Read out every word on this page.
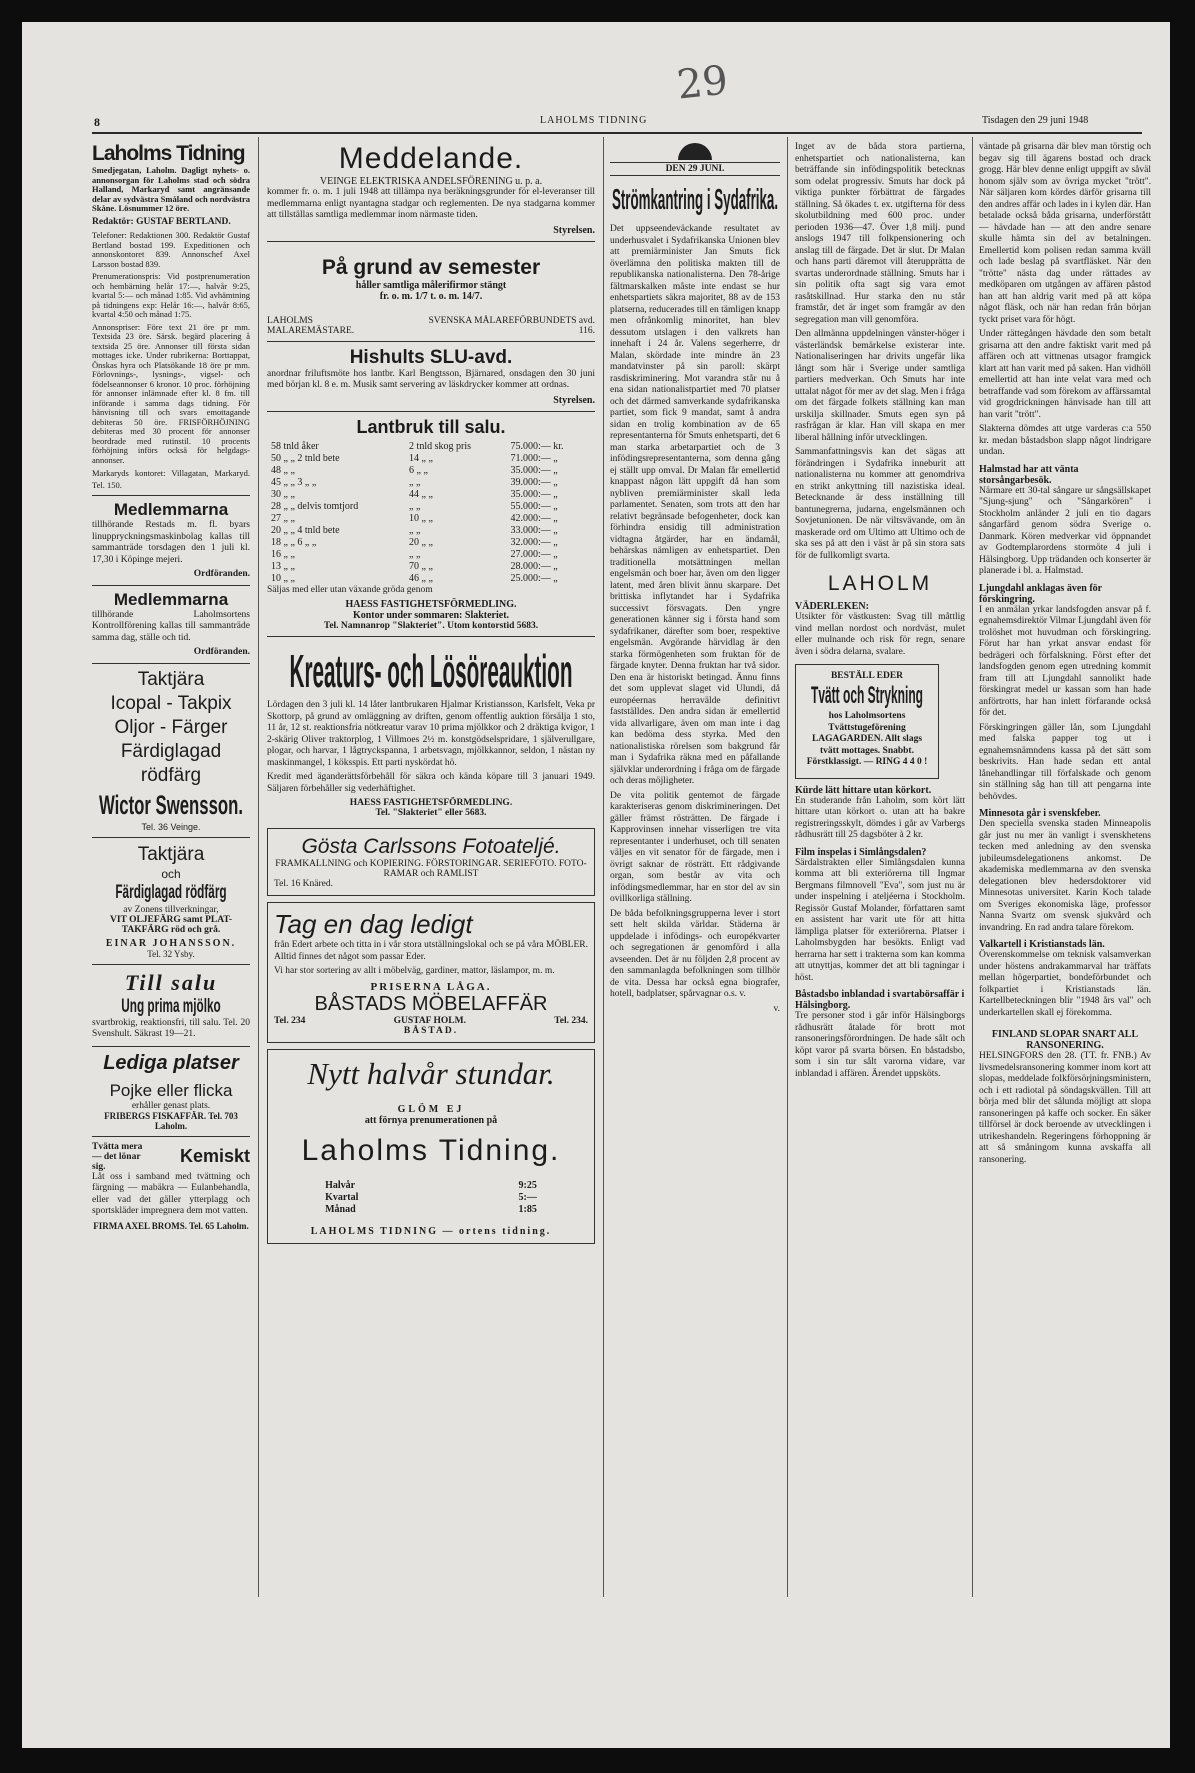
29
8	LAHOLMS TIDNING	Tisdagen den 29 juni 1948
Laholms Tidning

Smedjegatan, Laholm. Dagligt nyhets- o. annonsorgan för Laholms stad och södra Halland, Markaryd samt angränsande delar av sydvästra Småland och nordvästra Skåne. Lösnummer 12 öre.

Redaktör: GUSTAF BERTLAND.

Telefoner: Redaktionen 300. Redaktör Gustaf Bertland bostad 199. Expeditionen och annonskontoret 839. Annonschef Axel Larsson bostad 839.

Prenumerationspris: Vid postprenumeration och hembärning helår 17:—, halvår 9:25, kvartal 5:— och månad 1:85. Vid avhämtning på tidningens exp: Helår 16:—, halvår 8:65, kvartal 4:50 och månad 1:75.

Annonspriser: Före text 21 öre pr mm. Textsida 23 öre. Särsk. begärd placering å textsida 25 öre. Annonser till första sidan mottages icke. Under rubrikerna: Borttappat, Önskas hyra och Platsökande 18 öre pr mm. Förlovnings-, lysnings-, vigsel- och födelseannonser 6 kronor. 10 proc. förhöjning för annonser inlämnade efter kl. 8 fm. till införande i samma dags tidning. För hänvisning till och svars emottagande debiteras 50 öre. FRISFÖRHÖJNING debiteras med 30 procent för annonser beordrade med rutinstil. 10 procents förhöjning införs ocksä för helgdags-annonser.

Markaryds kontoret: Villagatan, Markaryd. Tel. 150.

Medlemmarna

tillhörande Restads m. fl. byars linuppryckningsmaskinbolag kallas till sammanträde torsdagen den 1 juli kl. 17,30 i Köpinge mejeri.

Ordföranden.

Medlemmarna

tillhörande Laholmsortens Kontrollförening kallas till sammanträde samma dag, ställe och tid.

Ordföranden.

Taktjära
Icopal - Takpix
Oljor - Färger
Färdiglagad
rödfärg
Wictor Swensson.
Tel. 36 Veinge.
Taktjära
och
Färdiglagad rödfärg
av Zonens tillverkningar,
VIT OLJEFÄRG samt PLAT-TAKFÄRG röd och grå.
EINAR JOHANSSON.
Tel. 32 Ysby.
Till salu
Ung prima mjölko

svartbrokig, reaktionsfri, till salu. Tel. 20 Svenshult. Säkrast 19—21.

Lediga platser
Pojke eller flicka
erhåller genast plats.
FRIBERGS FISKAFFÄR. Tel. 703 Laholm.
Tvätta mera — det lönar sig.
Kemiskt

Låt oss i samband med tvättning och färgning — mabäkra — Eulanbehandla, eller vad det gäller ytterplagg och sportskläder impregnera dem mot vatten.

FIRMA AXEL BROMS. Tel. 65 Laholm.
Meddelande.
VEINGE ELEKTRISKA ANDELSFÖRENING u. p. a.

kommer fr. o. m. 1 juli 1948 att tillämpa nya beräkningsgrunder för el-leveranser till medlemmarna enligt nyantagna stadgar och reglementen. De nya stadgarna kommer att tillställas samtliga medlemmar inom närmaste tiden.

Styrelsen.
På grund av semester
håller samtliga målerifirmor stängt
fr. o. m. 1/7 t. o. m. 14/7.
LAHOLMS MALAREMÄSTARE.
SVENSKA MÅLAREFÖRBUNDETS avd. 116.
Hishults SLU-avd.

anordnar friluftsmöte hos lantbr. Karl Bengtsson, Bjärnared, onsdagen den 30 juni med början kl. 8 e. m. Musik samt servering av läskdrycker kommer att ordnas.

Styrelsen.
Lantbruk till salu.
58 tnld åker	2 tnld skog pris	75.000:— kr.
50 „ „ 2 tnld bete	14 „ „	71.000:— „
48 „ „	6 „ „	35.000:— „
45 „ „ 3 „ „	„ „	39.000:— „
30 „ „	44 „ „	35.000:— „
28 „ „ delvis tomtjord	„ „	55.000:— „
27 „ „	10 „ „	42.000:— „
20 „ „ 4 tnld bete	„ „	33.000:— „
18 „ „ 6 „ „	20 „ „	32.000:— „
16 „ „	„ „	27.000:— „
13 „ „	70 „ „	28.000:— „
10 „ „	46 „ „	25.000:— „

Säljas med eller utan växande gröda genom

HAESS FASTIGHETSFÖRMEDLING.
Kontor under sommaren: Slakteriet.
Tel. Namnanrop "Slakteriet". Utom kontorstid 5683.
Kreaturs- och Lösöreauktion

Lördagen den 3 juli kl. 14 låter lantbrukaren Hjalmar Kristiansson, Karlsfelt, Veka pr Skottorp, på grund av omläggning av driften, genom offentlig auktion försälja 1 sto, 11 år, 12 st. reaktionsfria nötkreatur varav 10 prima mjölkkor och 2 dräktiga kvigor, 1 2-skärig Oliver traktorplog, 1 Villmoes 2½ m. konstgödselspridare, 1 själverullgare, plogar, och harvar, 1 lågtryckspanna, 1 arbetsvagn, mjölkkannor, seldon, 1 nästan ny maskinmangel, 1 köksspis. Ett parti nyskördat hö.

Kredit med äganderättsförbehåll för säkra och kända köpare till 3 januari 1949. Säljaren förbehåller sig vederhäftighet.

HAESS FASTIGHETSFÖRMEDLING.
Tel. "Slakteriet" eller 5683.
Gösta Carlssons Fotoateljé.
FRAMKALLNING och KOPIERING. FÖRSTORINGAR. SERIEFOTO. FOTO-RAMAR och RAMLIST
Tel. 16 Knäred.
Tag en dag ledigt

från Edert arbete och titta in i vår stora utställningslokal och se på våra MÖBLER. Alltid finnes det något som passar Eder.

Vi har stor sortering av allt i möbelväg, gardiner, mattor, läslampor, m. m.

PRISERNA LÅGA.
BÅSTADS MÖBELAFFÄR
Tel. 234	GUSTAF HOLM.	Tel. 234.
BÅSTAD.
Nytt halvår stundar.
GLÖM EJ
att förnya prenumerationen på
Laholms Tidning.
Halvår	9:25
Kvartal	5:—
Månad	1:85
LAHOLMS TIDNING — ortens tidning.
DEN 29 JUNI.
Strömkantring i Sydafrika.

Det uppseendeväckande resultatet av underhusvalet i Sydafrikanska Unionen blev att premiärminister Jan Smuts fick överlämna den politiska makten till de republikanska nationalisterna. Den 78-årige fältmarskalken måste inte endast se hur enhetspartiets säkra majoritet, 88 av de 153 platserna, reducerades till en tämligen knapp men ofrånkomlig minoritet, han blev dessutom utslagen i den valkrets han innehaft i 24 år. Valens segerherre, dr Malan, skördade inte mindre än 23 mandatvinster på sin paroll: skärpt rasdiskriminering. Mot varandra står nu å ena sidan nationalistpartiet med 70 platser och det därmed samverkande sydafrikanska partiet, som fick 9 mandat, samt å andra sidan en trolig kombination av de 65 representanterna för Smuts enhetsparti, det 6 man starka arbetarpartiet och de 3 infödingsrepresentanterna, som denna gång ej ställt upp omval. Dr Malan får emellertid knappast någon lätt uppgift då han som nybliven premiärminister skall leda parlamentet. Senaten, som trots att den har relativt begränsade befogenheter, dock kan förhindra ensidig till administration vidtagna åtgärder, har en ändamål, behärskas nämligen av enhetspartiet. Den traditionella motsättningen mellan engelsmän och boer har, även om den ligger latent, med åren blivit ännu skarpare. Det brittiska inflytandet har i Sydafrika successivt försvagats. Den yngre generationen känner sig i första hand som sydafrikaner, därefter som boer, respektive engelsmän. Avgörande härvidlag är den starka förmögenheten som fruktan för de färgade knyter. Denna fruktan har två sidor. Den ena är historiskt betingad. Ännu finns det som upplevat slaget vid Ulundi, då européernas herravälde definitivt fastställdes. Den andra sidan är emellertid vida allvarligare, även om man inte i dag kan bedöma dess styrka. Med den nationalistiska rörelsen som bakgrund får man i Sydafrika räkna med en påfallande självklar underordning i fråga om de färgade och deras möjligheter.

De vita politik gentemot de färgade karakteriseras genom diskrimineringen. Det gäller främst rösträtten. De färgade i Kapprovinsen innehar visserligen tre vita representanter i underhuset, och till senaten väljes en vit senator för de färgade, men i övrigt saknar de rösträtt. Ett rådgivande organ, som består av vita och infödingsmedlemmar, har en stor del av sin ovillkorliga ställning.

De båda befolkningsgrupperna lever i stort sett helt skilda världar. Städerna är uppdelade i infödings- och europékvarter och segregationen är genomförd i alla avseenden. Det är nu följden 2,8 procent av den sammanlagda befolkningen som tillhör de vita. Dessa har också egna biografer, hotell, badplatser, spårvagnar o.s. v.

v.

Inget av de båda stora partierna, enhetspartiet och nationalisterna, kan beträffande sin infödingspolitik betecknas som odelat progressiv. Smuts har dock på viktiga punkter förbättrat de färgades ställning. Så ökades t. ex. utgifterna för dess skolutbildning med 600 proc. under perioden 1936—47. Över 1,8 milj. pund anslogs 1947 till folkpensionering och anslag till de färgade. Det är slut. Dr Malan och hans parti däremot vill återupprätta de svartas underordnade ställning. Smuts har i sin politik ofta sagt sig vara emot rasåtskillnad. Hur starka den nu står framstår, det är inget som framgår av den segregation man vill genomföra.

Den allmänna uppdelningen vänster-höger i västerländsk bemärkelse existerar inte. Nationaliseringen har drivits ungefär lika långt som här i Sverige under samtliga partiers medverkan. Och Smuts har inte uttalat något för mer av det slag. Men i fråga om det färgade folkets ställning kan man urskilja skillnader. Smuts egen syn på rasfrågan är klar. Han vill skapa en mer liberal hållning inför utvecklingen.

Sammanfattningsvis kan det sägas att förändringen i Sydafrika inneburit att nationalisterna nu kommer att genomdriva en strikt ankyttning till nazistiska ideal. Betecknande är dess inställning till bantunegrerna, judarna, engelsmännen och Sovjetunionen. De när viltsvävande, om än maskerade ord om Ultimo att Ultimo och de ska ses på att den i väst är på sin stora sats för de fullkomligt svarta.

LAHOLM
VÄDERLEKEN:

Utsikter för västkusten: Svag till måttlig vind mellan nordost och nordväst, mulet eller mulnande och risk för regn, senare även i södra delarna, svalare.

BESTÄLL EDER
Tvätt och Strykning

hos Laholmsortens Tvättstugeförening LAGAGARDEN. Allt slags tvätt mottages. Snabbt. Förstklassigt. — RING 4 4 0 !

Kürde lätt hittare utan körkort.

En studerande från Laholm, som kört lätt hittare utan körkort o. utan att ha bakre registreringsskylt, dömdes i går av Varbergs rådhusrätt till 25 dagsböter à 2 kr.

Film inspelas i Simlångsdalen?

Särdalstrakten eller Simlångsdalen kunna komma att bli exteriörerna till Ingmar Bergmans filmnovell "Eva", som just nu är under inspelning i ateljéerna i Stockholm. Regissör Gustaf Molander, författaren samt en assistent har varit ute för att hitta lämpliga platser för exteriörerna. Platser i Laholmsbygden har besökts. Enligt vad herrarna har sett i trakterna som kan komma att utnyttjas, kommer det att bli tagningar i höst.

Båstadsbo inblandad i svartabörsaffär i Hälsingborg.

Tre personer stod i går inför Hälsingborgs rådhusrätt åtalade för brott mot ransoneringsförordningen. De hade sålt och köpt varor på svarta börsen. En båstadsbo, som i sin tur sålt varorna vidare, var inblandad i affären. Ärendet uppsköts.

väntade på grisarna där blev man törstig och begav sig till ägarens bostad och drack grogg. Här blev denne enligt uppgift av såväl honom själv som av övriga mycket "trött". När säljaren kom kördes därför grisarna till den andres affär och lades in i kylen där. Han betalade också båda grisarna, underförstått — hävdade han — att den andre senare skulle hämta sin del av betalningen. Emellertid kom polisen redan samma kväll och lade beslag på svartfläsket. När den "trötte" nästa dag under rättades av medköparen om utgången av affären påstod han att han aldrig varit med på att köpa något fläsk, och när han redan från början tyckt priset vara för högt.

Under rättegången hävdade den som betalt grisarna att den andre faktiskt varit med på affären och att vittnenas utsagor framgick klart att han varit med på saken. Han vidhöll emellertid att han inte velat vara med och betraffande vad som förekom av affärssamtal vid grogdrickningen hänvisade han till att han varit "trött".

Slakterna dömdes att utge varderas c:a 550 kr. medan båstadsbon slapp något lindrigare undan.

Halmstad har att vänta storsångarbesök.

Närmare ett 30-tal sångare ur sångsällskapet "Sjung-sjung" och "Sångarkören" i Stockholm anländer 2 juli en tio dagars sångarfärd genom södra Sverige o. Danmark. Kören medverkar vid öppnandet av Godtemplarordens stormöte 4 juli i Hälsingborg. Upp trädanden och konserter är planerade i bl. a. Halmstad.

Ljungdahl anklagas även för förskingring.

I en anmälan yrkar landsfogden ansvar på f. egnahemsdirektör Vilmar Ljungdahl även för trolöshet mot huvudman och förskingring. Förut har han yrkat ansvar endast för bedrägeri och förfalskning. Först efter det landsfogden genom egen utredning kommit fram till att Ljungdahl sannolikt hade förskingrat medel ur kassan som han hade anförtrotts, har han inlett förfarande också för det.

Förskingringen gäller lån, som Ljungdahl med falska papper tog ut i egnahemsnämndens kassa på det sätt som beskrivits. Han hade sedan ett antal lånehandlingar till förfalskade och genom sin ställning såg han till att pengarna inte behövdes.

Minnesota går i svenskfeber.

Den speciella svenska staden Minneapolis går just nu mer än vanligt i svenskhetens tecken med anledning av den svenska jubileumsdelegationens ankomst. De akademiska medlemmarna av den svenska delegationen blev hedersdoktorer vid Minnesotas universitet. Karin Koch talade om Sveriges ekonomiska läge, professor Nanna Svartz om svensk sjukvård och invandring. En rad andra talare förekom.

Valkartell i Kristianstads län.

Överenskommelse om teknisk valsamverkan under höstens andrakammarval har träffats mellan högerpartiet, bondeförbundet och folkpartiet i Kristianstads län. Kartellbeteckningen blir "1948 års val" och underkartellen skall ej förekomma.

FINLAND SLOPAR SNART ALL RANSONERING.

HELSINGFORS den 28. (TT. fr. FNB.) Av livsmedelsransonering kommer inom kort att slopas, meddelade folkförsörjningsministern, och i ett radiotal på söndagskvällen. Till att börja med blir det sålunda möjligt att slopa ransoneringen på kaffe och socker. En säker tillförsel är dock beroende av utvecklingen i utrikeshandeln. Regeringens förhoppning är att så småningom kunna avskaffa all ransonering.
